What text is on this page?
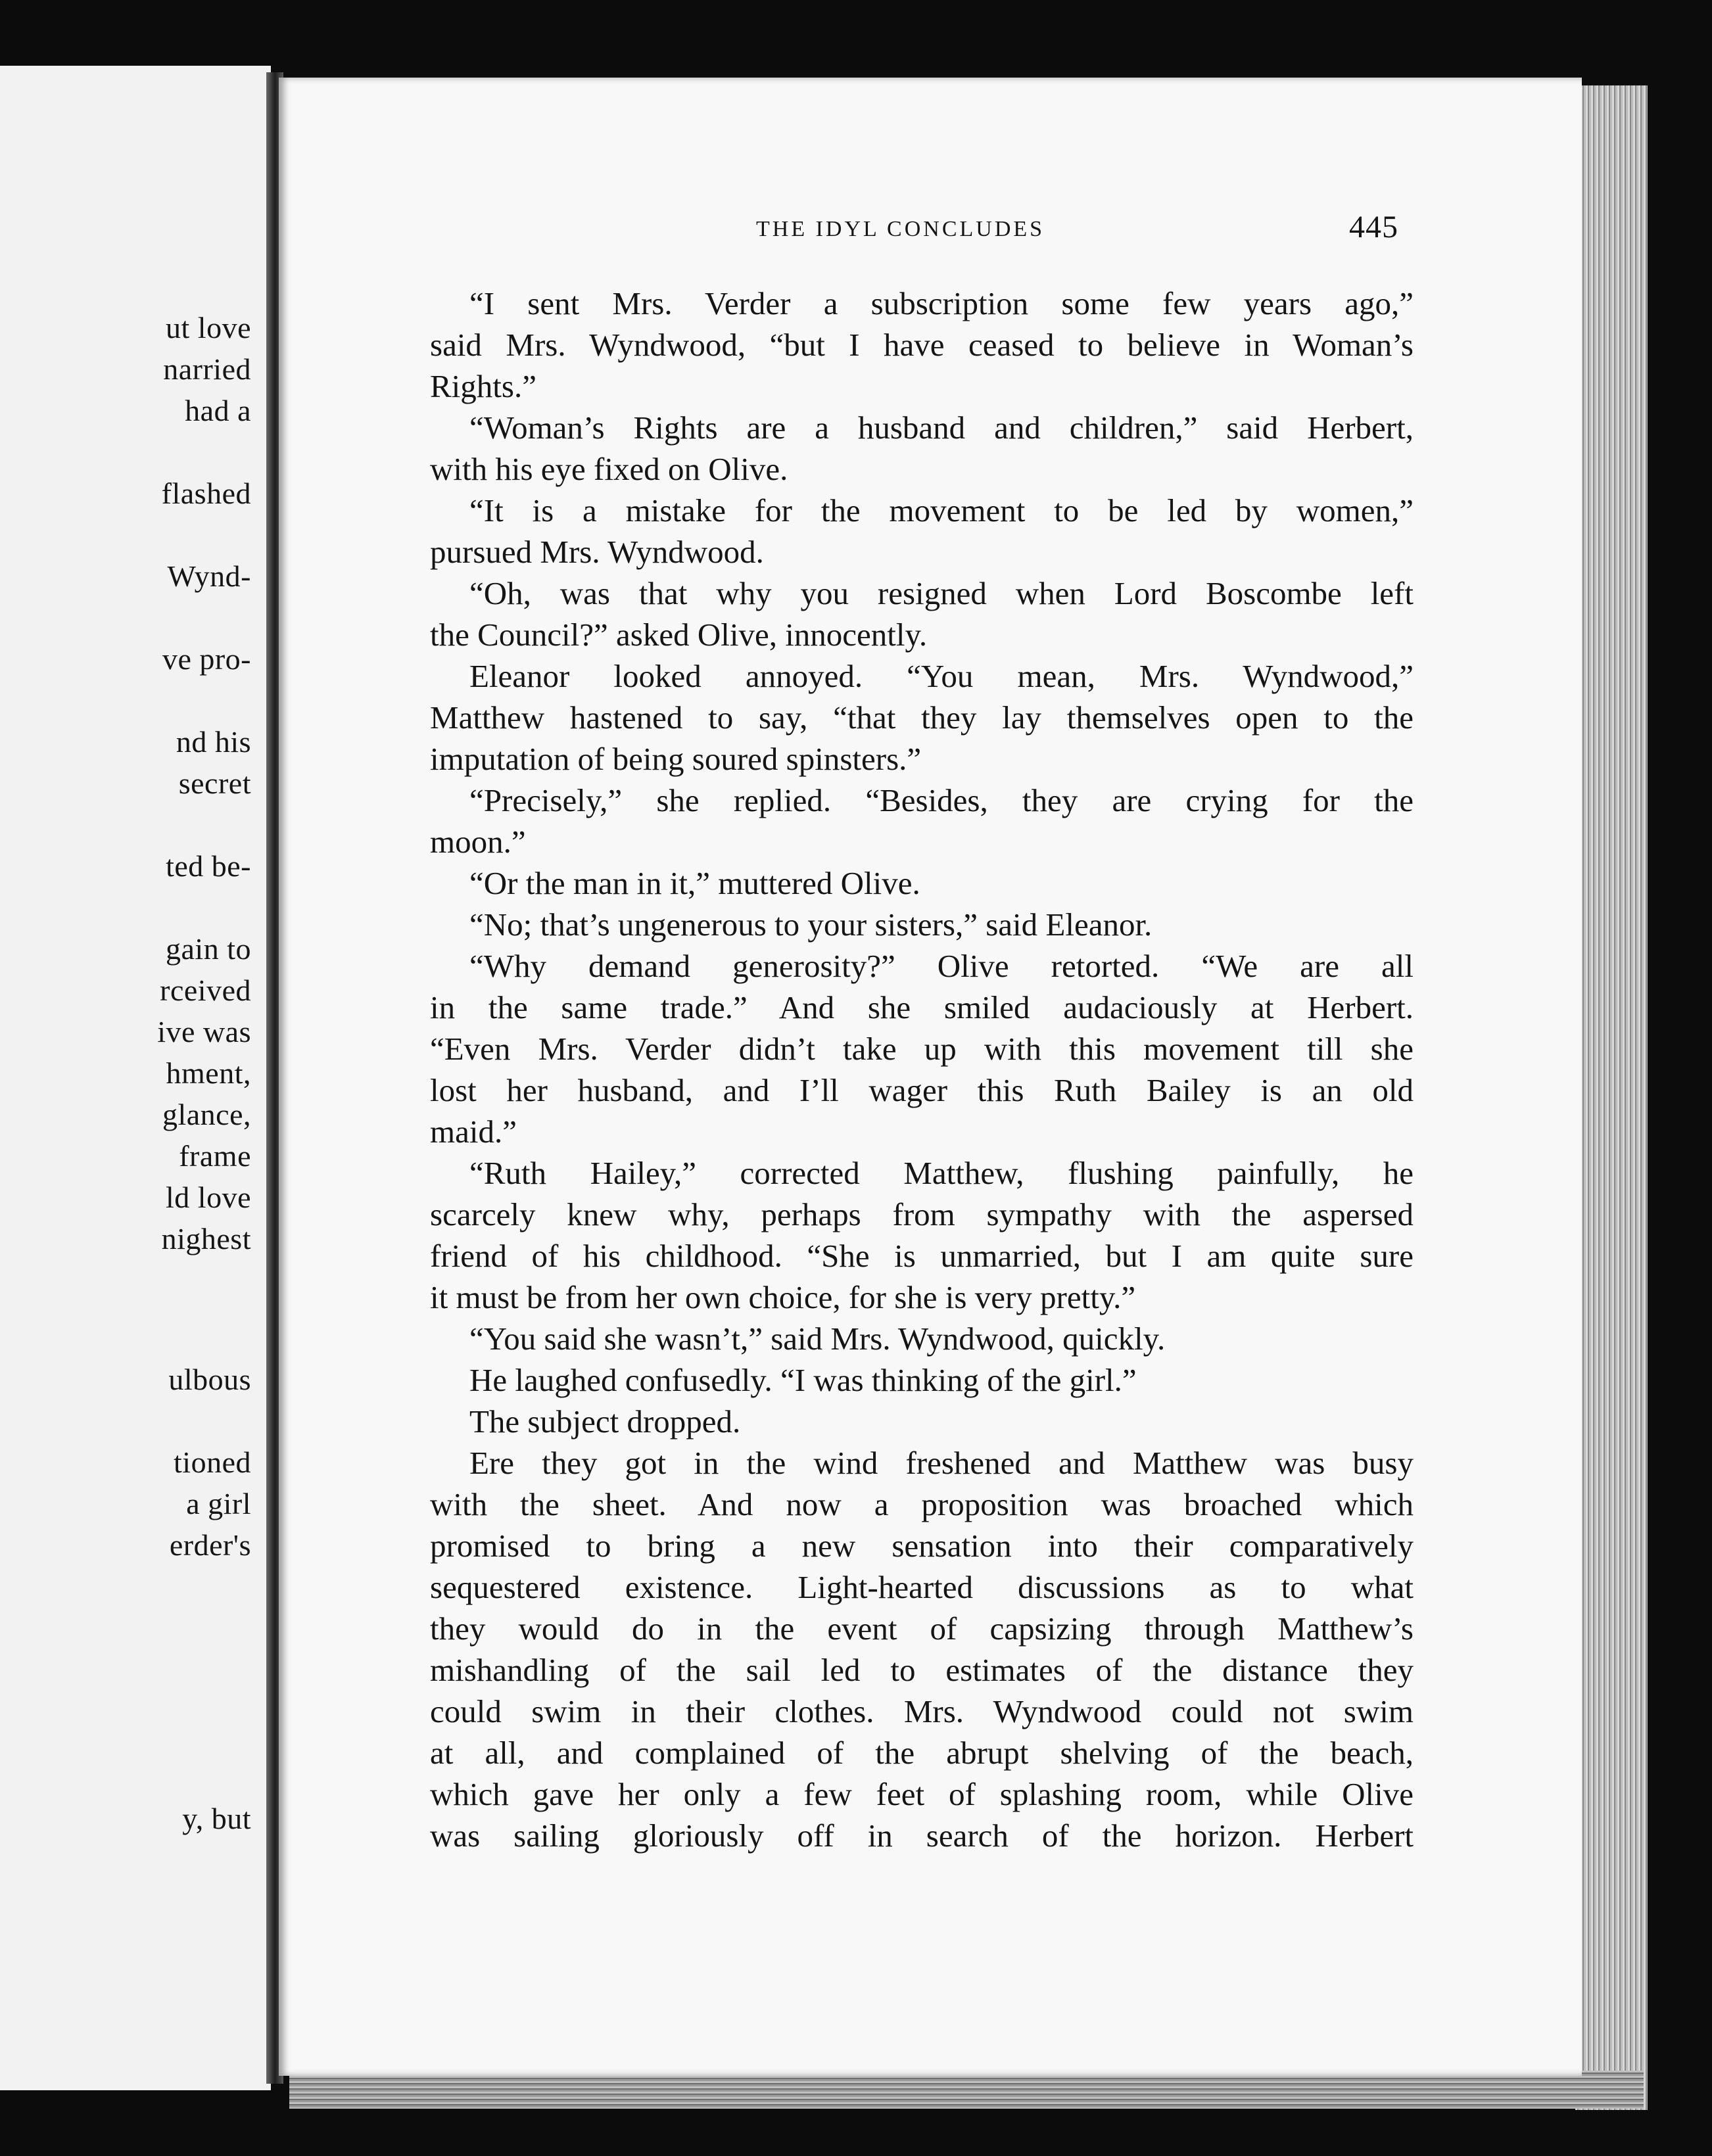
ut love
narried
had a
flashed
Wynd-
ve pro-
nd his
secret
ted be-
gain to
rceived
ive was
hment,
glance,
frame
ld love
nighest
ulbous
tioned
a girl
erder's
y, but
THE IDYL CONCLUDES	445
“I sent Mrs. Verder a subscription some few years ago,”
said Mrs. Wyndwood, “but I have ceased to believe in Woman’s
Rights.”
“Woman’s Rights are a husband and children,” said Herbert,
with his eye fixed on Olive.
“It is a mistake for the movement to be led by women,”
pursued Mrs. Wyndwood.
“Oh, was that why you resigned when Lord Boscombe left
the Council?” asked Olive, innocently.
Eleanor looked annoyed. “You mean, Mrs. Wyndwood,”
Matthew hastened to say, “that they lay themselves open to the
imputation of being soured spinsters.”
“Precisely,” she replied. “Besides, they are crying for the
moon.”
“Or the man in it,” muttered Olive.
“No; that’s ungenerous to your sisters,” said Eleanor.
“Why demand generosity?” Olive retorted. “We are all
in the same trade.” And she smiled audaciously at Herbert.
“Even Mrs. Verder didn’t take up with this movement till she
lost her husband, and I’ll wager this Ruth Bailey is an old
maid.”
“Ruth Hailey,” corrected Matthew, flushing painfully, he
scarcely knew why, perhaps from sympathy with the aspersed
friend of his childhood. “She is unmarried, but I am quite sure
it must be from her own choice, for she is very pretty.”
“You said she wasn’t,” said Mrs. Wyndwood, quickly.
He laughed confusedly. “I was thinking of the girl.”
The subject dropped.
Ere they got in the wind freshened and Matthew was busy
with the sheet. And now a proposition was broached which
promised to bring a new sensation into their comparatively
sequestered existence. Light-hearted discussions as to what
they would do in the event of capsizing through Matthew’s
mishandling of the sail led to estimates of the distance they
could swim in their clothes. Mrs. Wyndwood could not swim
at all, and complained of the abrupt shelving of the beach,
which gave her only a few feet of splashing room, while Olive
was sailing gloriously off in search of the horizon. Herbert
